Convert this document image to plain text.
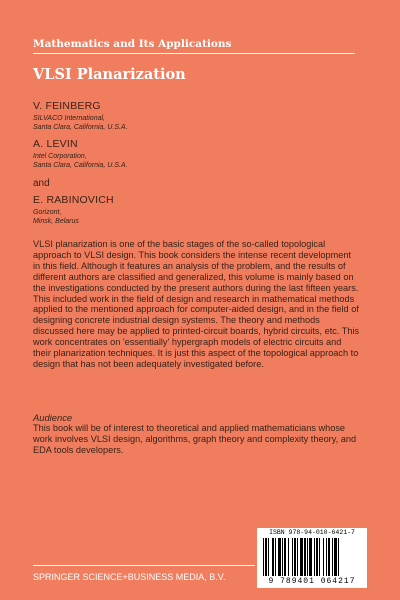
Mathematics and Its Applications
VLSI Planarization
V. FEINBERG
SILVACO International,
Santa Clara, California, U.S.A.
A. LEVIN
Intel Corporation,
Santa Clara, California, U.S.A.
and
E. RABINOVICH
Gorizont,
Minsk, Belarus
VLSI planarization is one of the basic stages of the so-called topological approach to VLSI design. This book considers the intense recent development in this field. Although it features an analysis of the problem, and the results of different authors are classified and generalized, this volume is mainly based on the investigations conducted by the present authors during the last fifteen years. This included work in the field of design and research in mathematical methods applied to the mentioned approach for computer-aided design, and in the field of designing concrete industrial design systems. The theory and methods discussed here may be applied to printed-circuit boards, hybrid circuits, etc. This work concentrates on 'essentially' hypergraph models of electric circuits and their planarization techniques. It is just this aspect of the topological approach to design that has not been adequately investigated before.
Audience
This book will be of interest to theoretical and applied mathematicians whose work involves VLSI design, algorithms, graph theory and complexity theory, and EDA tools developers.
ISBN 978-94-010-6421-7
9 789401 064217
SPRINGER SCIENCE+BUSINESS MEDIA, B.V.
